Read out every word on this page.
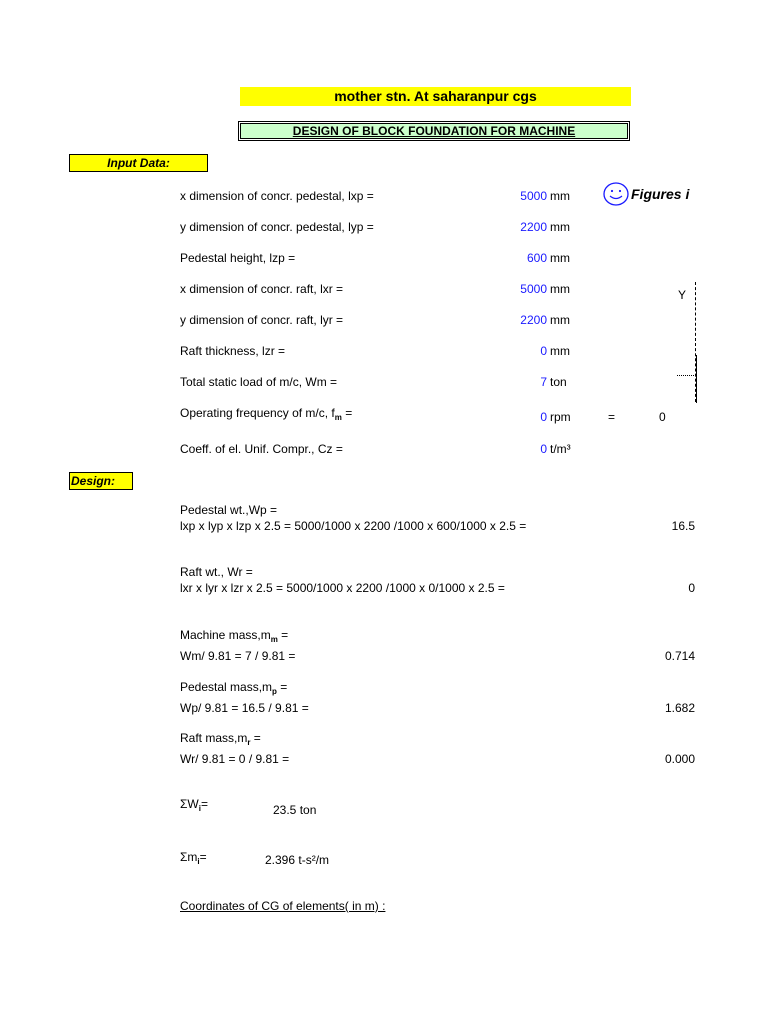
mother stn. At saharanpur cgs
DESIGN OF BLOCK FOUNDATION FOR MACHINE
Input Data:
Figures i
x dimension of concr. pedestal, lxp =	5000 mm
y dimension of concr. pedestal, lyp =	2200 mm
Pedestal height, lzp =	600 mm
x dimension of concr. raft, lxr =	5000 mm
y dimension of concr. raft, lyr =	2200 mm
Raft thickness, lzr =	0 mm
Total static load of m/c, Wm =	7 ton
Operating frequency of m/c, $f_m$ =	0 rpm	=	0
Coeff. of el. Unif. Compr., Cz =	0 t/m³
Y
Design:
Pedestal wt.,Wp =
lxp x lyp x lzp x 2.5 = 5000/1000 x 2200 /1000 x 600/1000 x 2.5 =	16.5
Raft wt., Wr =
lxr x lyr x lzr x 2.5 = 5000/1000 x 2200 /1000 x 0/1000 x 2.5 =	0
Machine $mass,m_m$ =
Wm/ 9.81 = 7 / 9.81 =	0.714
Pedestal $mass,m_p$ =
Wp/ 9.81 = 16.5 / 9.81 =	1.682
Raft $mass,m_r$ =
Wr/ 9.81 = 0 / 9.81 =	0.000
$\Sigma W_i=$	23.5 ton
$\Sigma m_i=$	2.396 t-s²/m
Coordinates of CG of elements( in m) :
